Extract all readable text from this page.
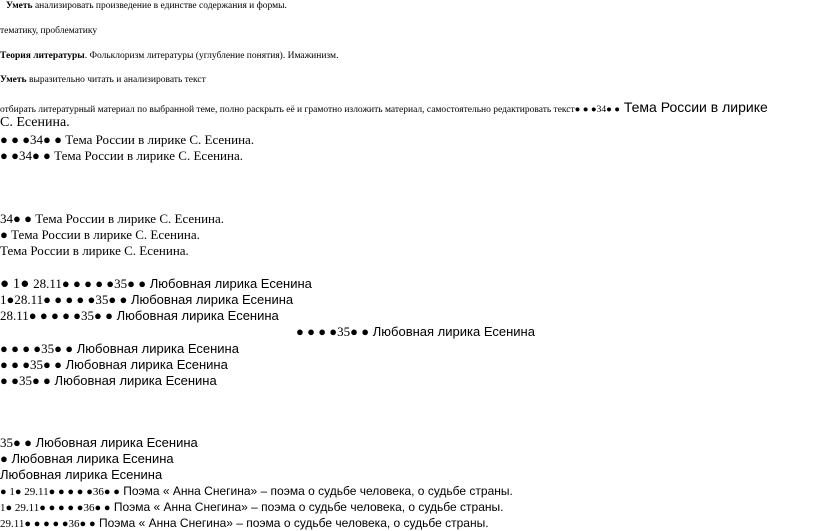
Уметь анализировать произведение в единстве содержания и формы.
тематику, проблематику
Теория литературы. Фольклоризм литературы (углубление понятия). Имажинизм.
Уметь выразительно читать и анализировать текст
отбирать литературный материал по выбранной теме, полно раскрыть её и грамотно изложить материал, самостоятельно редактировать текст● ● ●34● ● Тема России в лирике
С. Есенина.
● ● ●34● ● Тема России в лирике С. Есенина.
● ●34● ● Тема России в лирике С. Есенина.
34● ● Тема России в лирике С. Есенина.
● Тема России в лирике С. Есенина.
Тема России в лирике С. Есенина.
● 1● 28.11● ● ● ● ●35● ● Любовная лирика Есенина
1●28.11● ● ● ● ●35● ● Любовная лирика Есенина
28.11● ● ● ● ●35● ● Любовная лирика Есенина
● ● ● ●35● ● Любовная лирика Есенина
● ● ● ●35● ● Любовная лирика Есенина
● ● ●35● ● Любовная лирика Есенина
● ●35● ● Любовная лирика Есенина
35● ● Любовная лирика Есенина
● Любовная лирика Есенина
Любовная лирика Есенина
● 1● 29.11● ● ● ● ●36● ● Поэма « Анна Снегина» – поэма о судьбе человека, о судьбе страны.
1● 29.11● ● ● ● ●36● ● Поэма « Анна Снегина» – поэма о судьбе человека, о судьбе страны.
29.11● ● ● ● ●36● ● Поэма « Анна Снегина» – поэма о судьбе человека, о судьбе страны.
